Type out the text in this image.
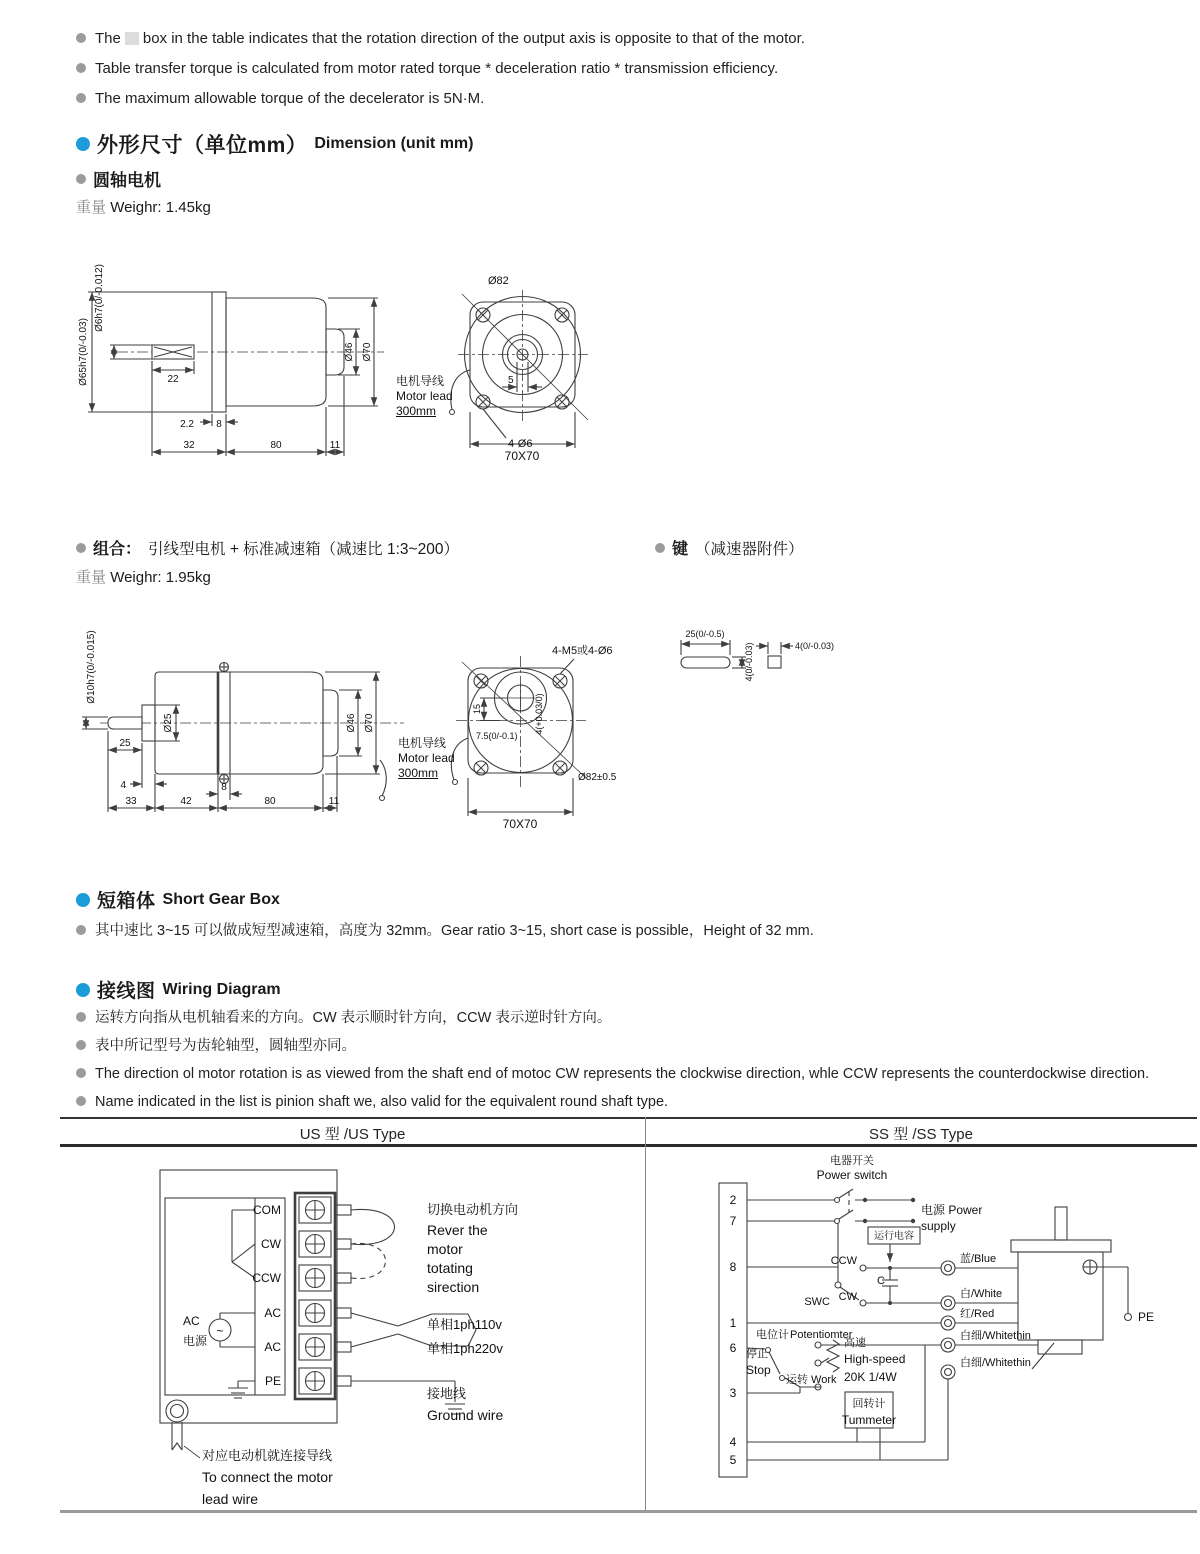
The box in the table indicates that the rotation direction of the output axis is opposite to that of the motor.
Table transfer torque is calculated from motor rated torque * deceleration ratio * transmission efficiency.
The maximum allowable torque of the decelerator is 5N·M.
外形尺寸（单位mm） Dimension (unit mm)
圆轴电机
重量 Weighr: 1.45kg
22
2.2 8
32	80	11
Ø46 Ø70
Ø65h7(0/-0.03)
Ø6h7(0/-0.012)	Ø82
5
4-Ø6
70X70
电机导线
Motor lead
300mm
组合： 引线型电机 + 标准减速箱（减速比 1:3~200）	键 （减速器附件）
重量 Weighr: 1.95kg
25(0/-0.5)
4(0/-0.03)	4(0/-0.03)
25
4
33	42	80	11
8
Ø46 Ø70
Ø25
Ø10h7(0/-0.015)
15
7.5(0/-0.1)
4(+0.03/0)
4-M5或4-Ø6
Ø82±0.5
70X70
电机导线
Motor lead
300mm
短箱体 Short Gear Box
其中速比 3~15 可以做成短型减速箱，高度为 32mm。Gear ratio 3~15, short case is possible，Height of 32 mm.
接线图 Wiring Diagram
运转方向指从电机轴看来的方向。CW 表示顺时针方向，CCW 表示逆时针方向。
表中所记型号为齿轮轴型，圆轴型亦同。
The direction ol motor rotation is as viewed from the shaft end of motoc CW represents the clockwise direction, whle CCW represents the counterdockwise direction.
Name indicated in the list is pinion shaft we, also valid for the equivalent round shaft type.
US 型 /US Type	SS 型 /SS Type
COM
CW
CCW
AC
AC
PE
AC
电源
~
切换电动机方向
Rever the
motor
totating
sirection
单相1ph110v
单相1ph220v
接地线
Ground wire
对应电动机就连接导线
To connect the motor
lead wire
2
7
8
1
6
3
4
5
电器开关
Power switch
电源 Power
supply
运行电容
CCW
CW
C
SWC
蓝/Blue
白/White
红/Red
白细/Whitethin
白细/Whitethin
电位计 Potentiomter
高速
High-speed
20K 1/4W
停止
Stop
运转 Work
回转计
Tummeter
PE
